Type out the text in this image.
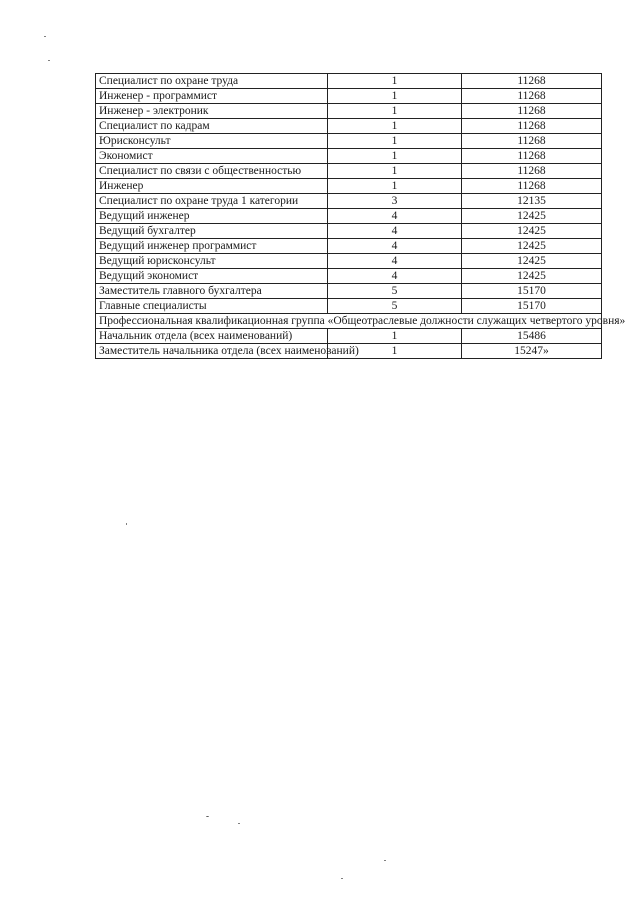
Специалист по охране труда	1	11268
Инженер - программист	1	11268
Инженер - электроник	1	11268
Специалист по кадрам	1	11268
Юрисконсульт	1	11268
Экономист	1	11268
Специалист по связи с общественностью	1	11268
Инженер	1	11268
Специалист по охране труда 1 категории	3	12135
Ведущий инженер	4	12425
Ведущий бухгалтер	4	12425
Ведущий инженер программист	4	12425
Ведущий юрисконсульт	4	12425
Ведущий экономист	4	12425
Заместитель главного бухгалтера	5	15170
Главные специалисты	5	15170
Профессиональная квалификационная группа «Общеотраслевые должности служащих четвертого уровня»		
Начальник отдела (всех наименований)	1	15486
Заместитель начальника отдела (всех наименований)	1	15247»
